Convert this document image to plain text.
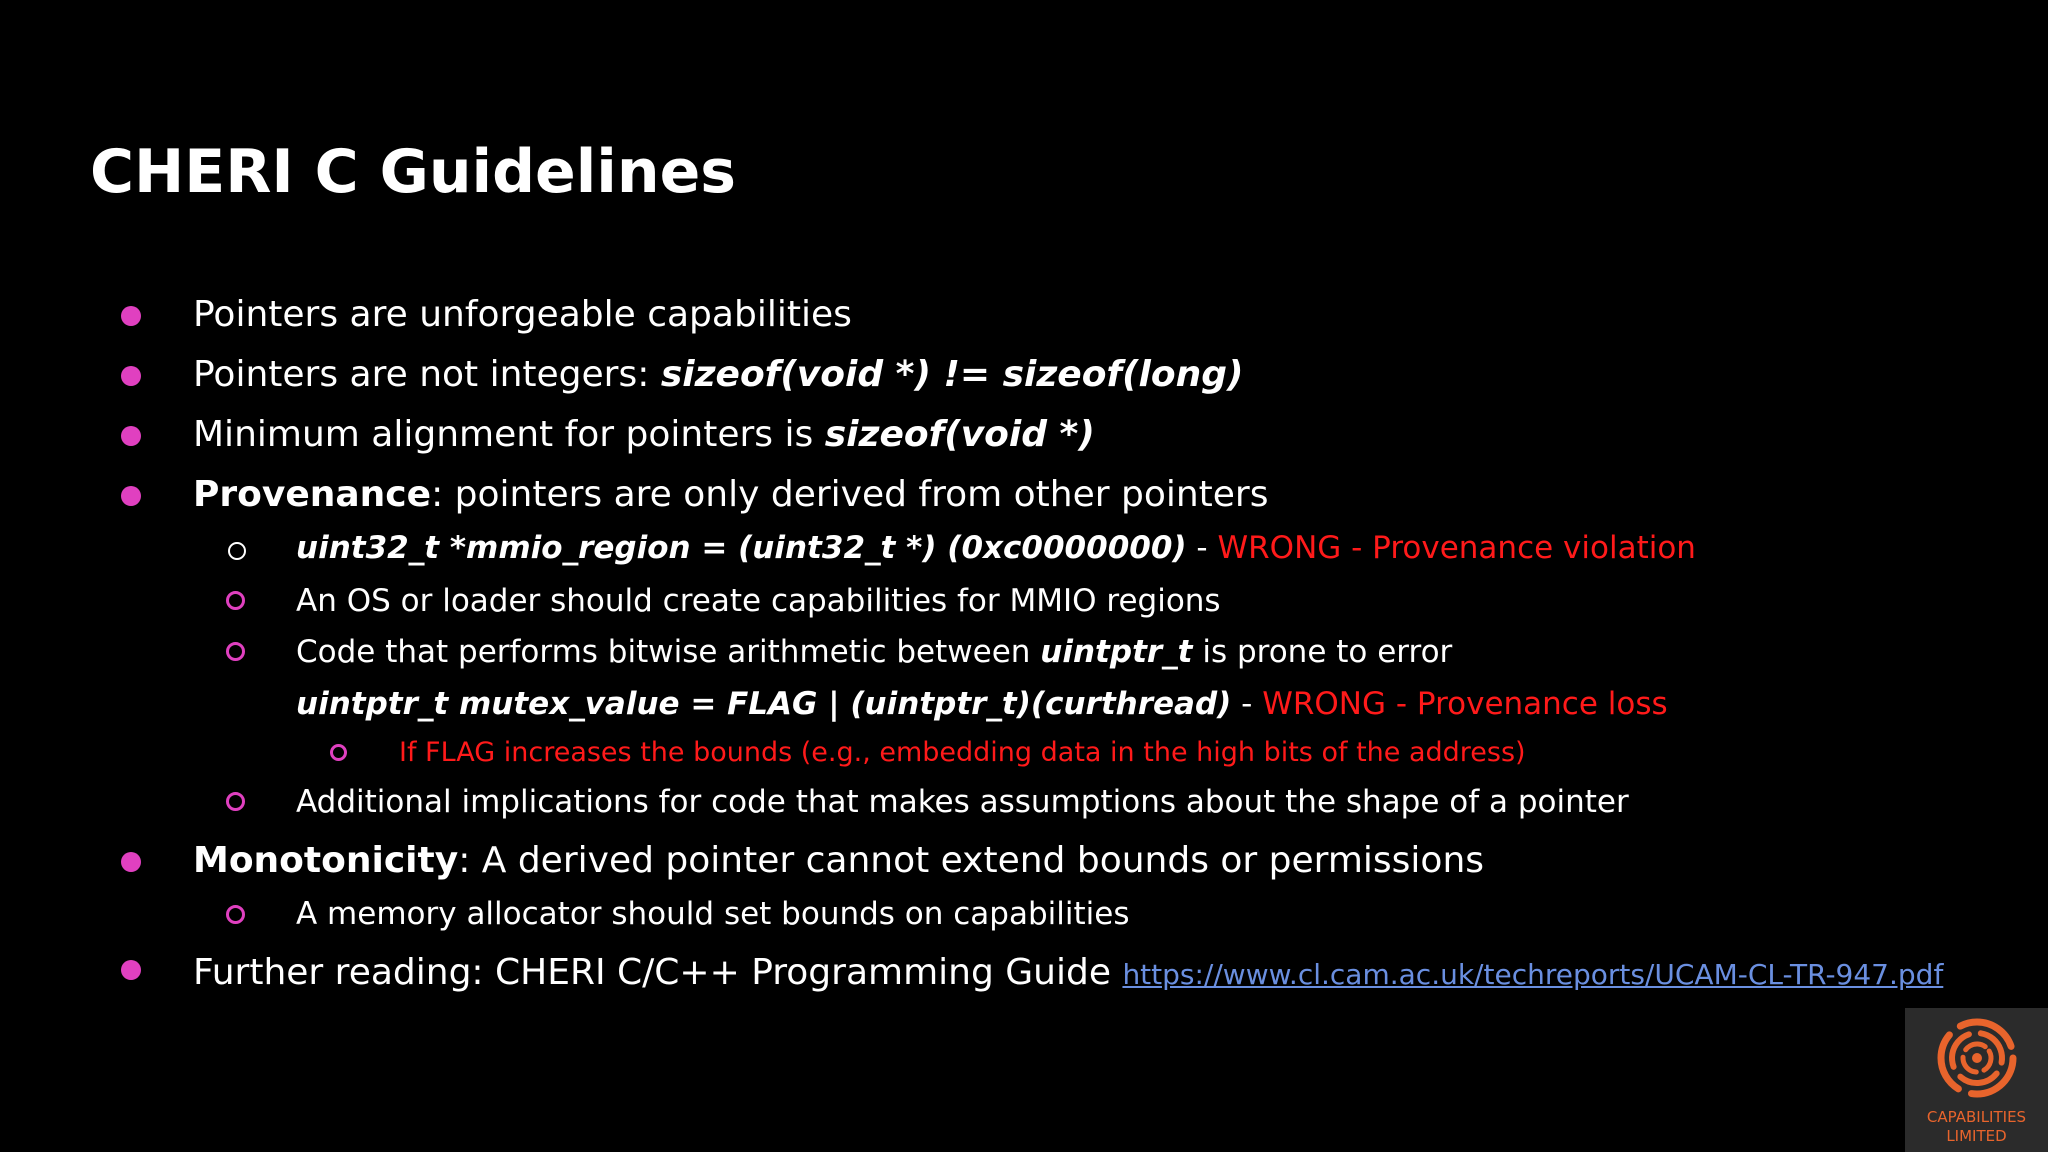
CHERI C Guidelines
Pointers are unforgeable capabilities
Pointers are not integers: sizeof(void *) != sizeof(long)
Minimum alignment for pointers is sizeof(void *)
Provenance: pointers are only derived from other pointers
uint32_t *mmio_region = (uint32_t *) (0xc0000000) - WRONG - Provenance violation
An OS or loader should create capabilities for MMIO regions
Code that performs bitwise arithmetic between uintptr_t is prone to error
uintptr_t mutex_value = FLAG | (uintptr_t)(curthread) - WRONG - Provenance loss
If FLAG increases the bounds (e.g., embedding data in the high bits of the address)
Additional implications for code that makes assumptions about the shape of a pointer
Monotonicity: A derived pointer cannot extend bounds or permissions
A memory allocator should set bounds on capabilities
Further reading: CHERI C/C++ Programming Guide https://www.cl.cam.ac.uk/techreports/UCAM-CL-TR-947.pdf
CAPABILITIES
LIMITED
